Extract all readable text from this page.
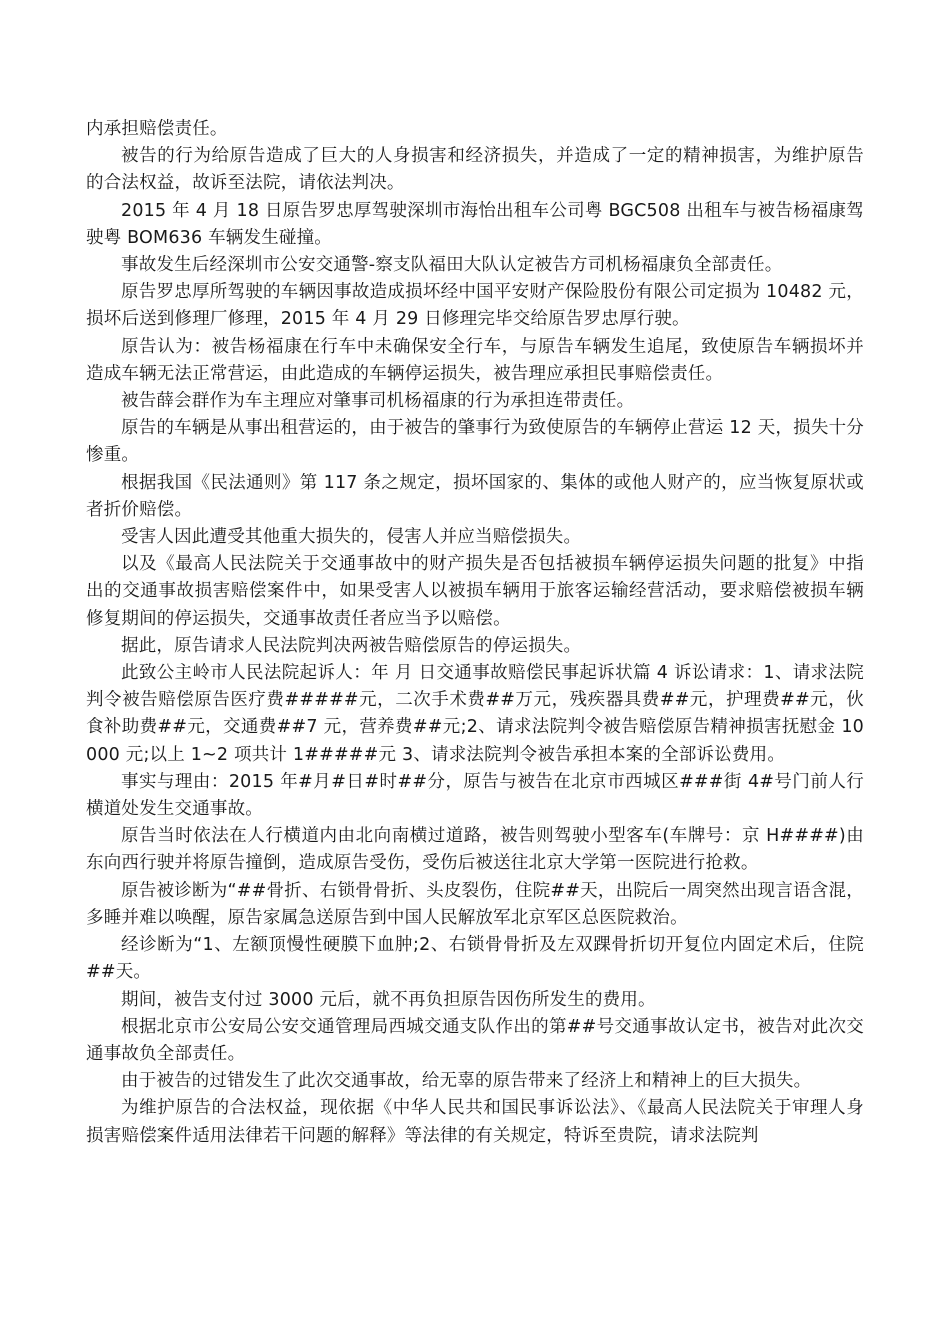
内承担赔偿责任。

被告的行为给原告造成了巨大的人身损害和经济损失，并造成了一定的精神损害，为维护原告的合法权益，故诉至法院，请依法判决。

2015 年 4 月 18 日原告罗忠厚驾驶深圳市海怡出租车公司粤 BGC508 出租车与被告杨福康驾驶粤 BOM636 车辆发生碰撞。

事故发生后经深圳市公安交通警-察支队福田大队认定被告方司机杨福康负全部责任。

原告罗忠厚所驾驶的车辆因事故造成损坏经中国平安财产保险股份有限公司定损为 10482 元，损坏后送到修理厂修理，2015 年 4 月 29 日修理完毕交给原告罗忠厚行驶。

原告认为：被告杨福康在行车中未确保安全行车，与原告车辆发生追尾，致使原告车辆损坏并造成车辆无法正常营运，由此造成的车辆停运损失，被告理应承担民事赔偿责任。

被告薛会群作为车主理应对肇事司机杨福康的行为承担连带责任。

原告的车辆是从事出租营运的，由于被告的肇事行为致使原告的车辆停止营运 12 天，损失十分惨重。

根据我国《民法通则》第 117 条之规定，损坏国家的、集体的或他人财产的，应当恢复原状或者折价赔偿。

受害人因此遭受其他重大损失的，侵害人并应当赔偿损失。

以及《最高人民法院关于交通事故中的财产损失是否包括被损车辆停运损失问题的批复》中指出的交通事故损害赔偿案件中，如果受害人以被损车辆用于旅客运输经营活动，要求赔偿被损车辆修复期间的停运损失，交通事故责任者应当予以赔偿。

据此，原告请求人民法院判决两被告赔偿原告的停运损失。

此致公主岭市人民法院起诉人：年 月 日交通事故赔偿民事起诉状篇 4 诉讼请求：1、请求法院判令被告赔偿原告医疗费#####元，二次手术费##万元，残疾器具费##元，护理费##元，伙食补助费##元，交通费##7 元，营养费##元;2、请求法院判令被告赔偿原告精神损害抚慰金 10000 元;以上 1~2 项共计 1#####元 3、请求法院判令被告承担本案的全部诉讼费用。

事实与理由：2015 年#月#日#时##分，原告与被告在北京市西城区###街 4#号门前人行横道处发生交通事故。

原告当时依法在人行横道内由北向南横过道路，被告则驾驶小型客车(车牌号：京 H####)由东向西行驶并将原告撞倒，造成原告受伤，受伤后被送往北京大学第一医院进行抢救。

原告被诊断为“##骨折、右锁骨骨折、头皮裂伤，住院##天，出院后一周突然出现言语含混，多睡并难以唤醒，原告家属急送原告到中国人民解放军北京军区总医院救治。

经诊断为“1、左额顶慢性硬膜下血肿;2、右锁骨骨折及左双踝骨折切开复位内固定术后，住院##天。

期间，被告支付过 3000 元后，就不再负担原告因伤所发生的费用。

根据北京市公安局公安交通管理局西城交通支队作出的第##号交通事故认定书，被告对此次交通事故负全部责任。

由于被告的过错发生了此次交通事故，给无辜的原告带来了经济上和精神上的巨大损失。

为维护原告的合法权益，现依据《中华人民共和国民事诉讼法》、《最高人民法院关于审理人身损害赔偿案件适用法律若干问题的解释》等法律的有关规定，特诉至贵院，请求法院判
